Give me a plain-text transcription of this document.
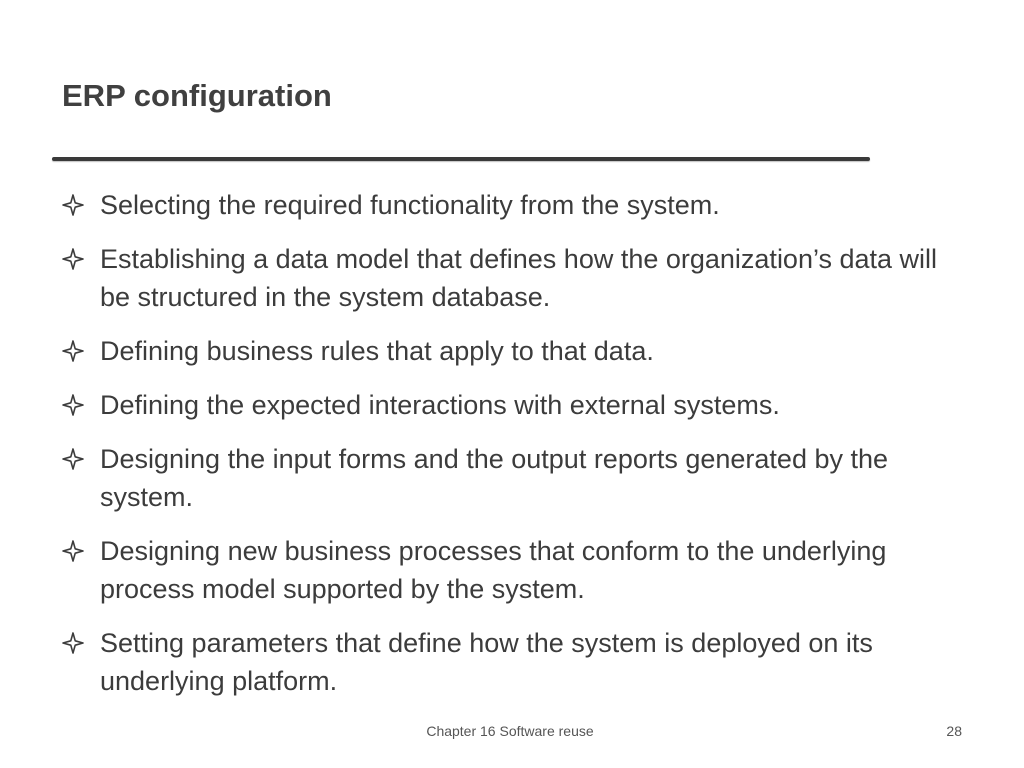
ERP configuration
Selecting the required functionality from the system.
Establishing a data model that defines how the organization’s data will be structured in the system database.
Defining business rules that apply to that data.
Defining the expected interactions with external systems.
Designing the input forms and the output reports generated by the system.
Designing new business processes that conform to the underlying process model supported by the system.
Setting parameters that define how the system is deployed on its underlying platform.
Chapter 16 Software reuse	28
